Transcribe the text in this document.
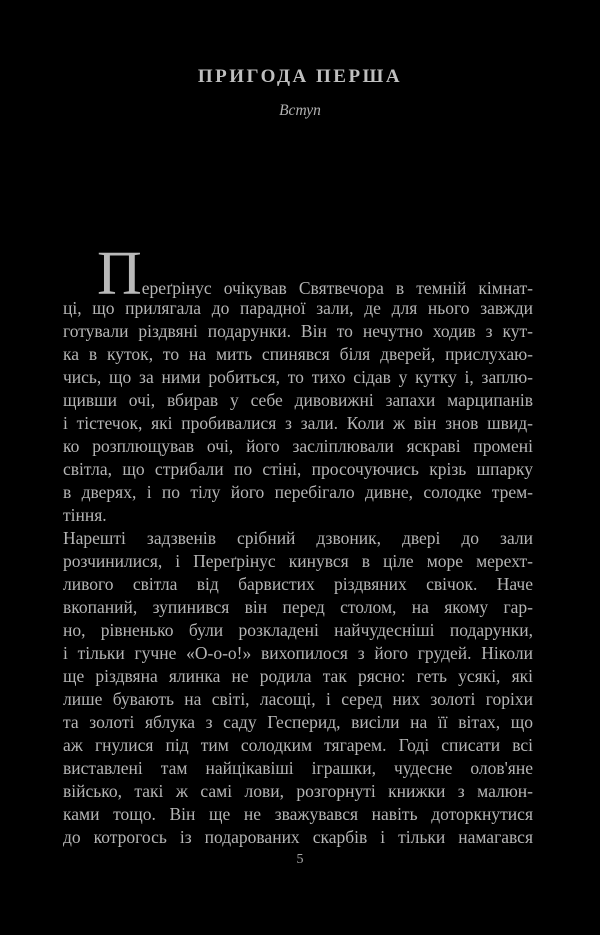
ПРИГОДА ПЕРША
Вступ
Переґрінус очікував Святвечора в темній кімнат-
ці, що прилягала до парадної зали, де для нього завжди
готували різдвяні подарунки. Він то нечутно ходив з кут-
ка в куток, то на мить спинявся біля дверей, прислухаю-
чись, що за ними робиться, то тихо сідав у кутку і, заплю-
щивши очі, вбирав у себе дивовижні запахи марципанів
і тістечок, які пробивалися з зали. Коли ж він знов швид-
ко розплющував очі, його засліплювали яскраві промені
світла, що стрибали по стіні, просочуючись крізь шпарку
в дверях, і по тілу його перебігало дивне, солодке трем-
тіння.
Нарешті задзвенів срібний дзвоник, двері до зали
розчинилися, і Переґрінус кинувся в ціле море мерехт-
ливого світла від барвистих різдвяних свічок. Наче
вкопаний, зупинився він перед столом, на якому гар-
но, рівненько були розкладені найчудесніші подарунки,
і тільки гучне «О-о-о!» вихопилося з його грудей. Ніколи
ще різдвяна ялинка не родила так рясно: геть усякі, які
лише бувають на світі, ласощі, і серед них золоті горіхи
та золоті яблука з саду Гесперид, висіли на її вітах, що
аж гнулися під тим солодким тягарем. Годі списати всі
виставлені там найцікавіші іграшки, чудесне олов'яне
військо, такі ж самі лови, розгорнуті книжки з малюн-
ками тощо. Він ще не зважувався навіть доторкнутися
до котрогось із подарованих скарбів і тільки намагався
5
